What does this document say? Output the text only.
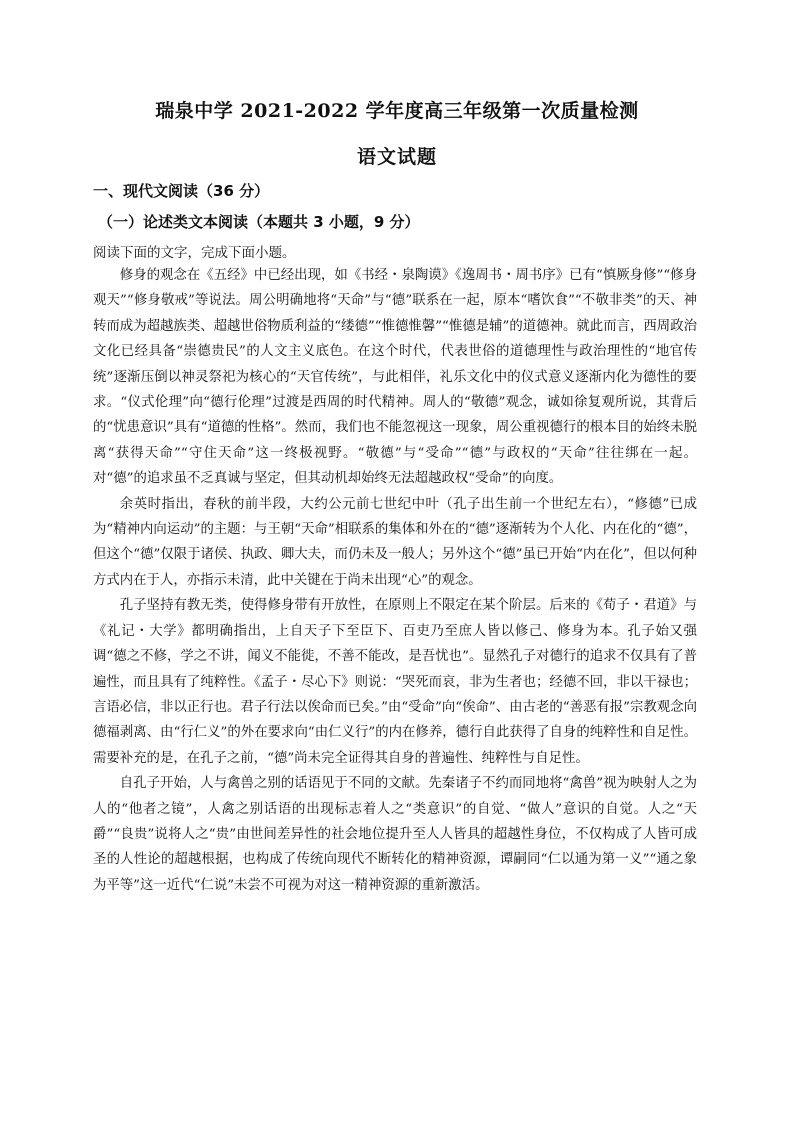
瑞泉中学 2021-2022 学年度高三年级第一次质量检测
语文试题
一、现代文阅读（36 分）
（一）论述类文本阅读（本题共 3 小题，9 分）
阅读下面的文字，完成下面小题。

修身的观念在《五经》中已经出现，如《书经・泉陶谟》《逸周书・周书序》已有“慎厥身修”“修身观天”“修身敬戒”等说法。周公明确地将“天命”与“德”联系在一起，原本“嗜饮食”“不敬非类”的天、神转而成为超越族类、超越世俗物质利益的“缕德”“惟德惟馨”“惟德是辅”的道德神。就此而言，西周政治文化已经具备“崇德贵民”的人文主义底色。在这个时代，代表世俗的道德理性与政治理性的“地官传统”逐渐压倒以神灵祭祀为核心的“天官传统”，与此相伴，礼乐文化中的仪式意义逐渐内化为德性的要求。“仪式伦理”向“德行伦理”过渡是西周的时代精神。周人的“敬德”观念，诚如徐复观所说，其背后的“忧患意识”具有“道德的性格”。然而，我们也不能忽视这一现象，周公重视德行的根本目的始终未脱离“获得天命”“守住天命”这一终极视野。“敬德”与“受命”“德”与政权的“天命”往往绑在一起。对“德”的追求虽不乏真诚与坚定，但其动机却始终无法超越政权“受命”的向度。

余英时指出，春秋的前半段，大约公元前七世纪中叶（孔子出生前一个世纪左右），“修德”已成为“精神内向运动”的主题：与王朝“天命”相联系的集体和外在的“德”逐渐转为个人化、内在化的“德”，但这个“德”仅限于诸侯、执政、卿大夫，而仍未及一般人；另外这个“德”虽已开始“内在化”，但以何种方式内在于人，亦指示未清，此中关键在于尚未出现“心”的观念。

孔子坚持有教无类，使得修身带有开放性，在原则上不限定在某个阶层。后来的《荀子・君道》与《礼记・大学》都明确指出，上自天子下至臣下、百吏乃至庶人皆以修己、修身为本。孔子始又强调“德之不修，学之不讲，闻义不能徙，不善不能改，是吾忧也”。显然孔子对德行的追求不仅具有了普遍性，而且具有了纯粹性。《孟子・尽心下》则说：“哭死而哀，非为生者也；经德不回，非以干禄也；言语必信，非以正行也。君子行法以俟命而已矣。”由“受命”向“俟命”、由古老的“善恶有报”宗教观念向德福剥离、由“行仁义”的外在要求向“由仁义行”的内在修养，德行自此获得了自身的纯粹性和自足性。需要补充的是，在孔子之前，“德”尚未完全证得其自身的普遍性、纯粹性与自足性。

自孔子开始，人与禽兽之别的话语见于不同的文献。先秦诸子不约而同地将“禽兽”视为映射人之为人的“他者之镜”，人禽之别话语的出现标志着人之“类意识”的自觉、“做人”意识的自觉。人之“天爵”“良贵”说将人之“贵”由世间差异性的社会地位提升至人人皆具的超越性身位，不仅构成了人皆可成圣的人性论的超越根据，也构成了传统向现代不断转化的精神资源，谭嗣同“仁以通为第一义”“通之象为平等”这一近代“仁说”未尝不可视为对这一精神资源的重新激活。
